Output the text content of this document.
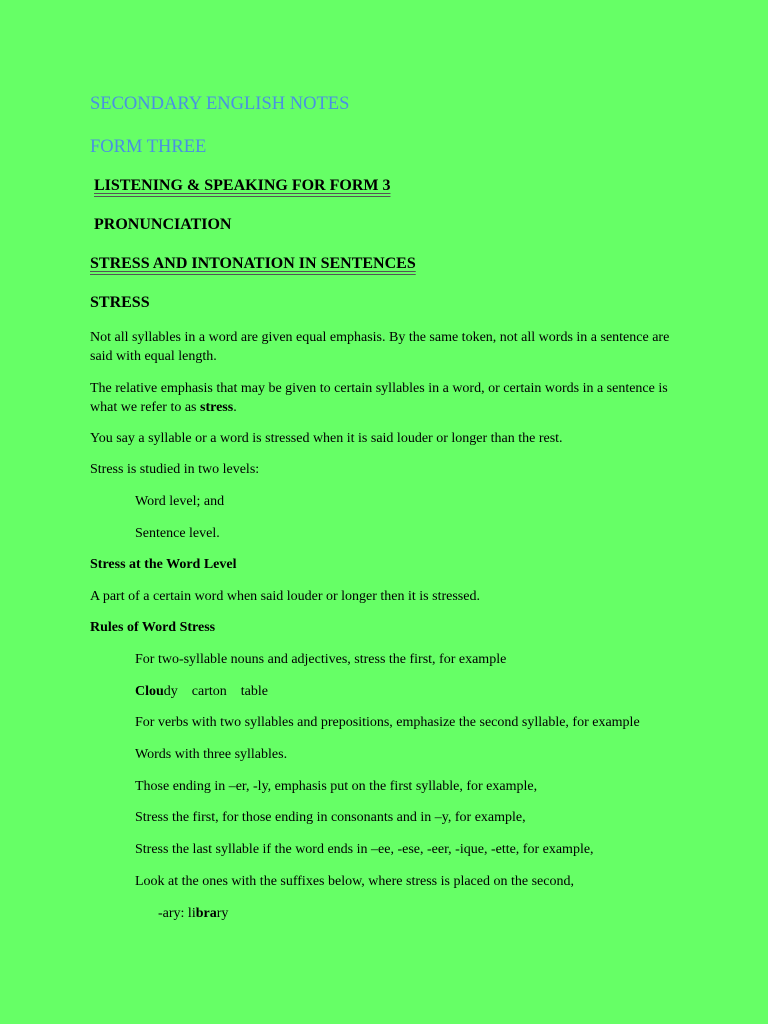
SECONDARY ENGLISH NOTES
FORM THREE
LISTENING & SPEAKING FOR FORM 3
PRONUNCIATION
STRESS AND INTONATION IN SENTENCES
STRESS
Not all syllables in a word are given equal emphasis. By the same token, not all words in a sentence are said with equal length.
The relative emphasis that may be given to certain syllables in a word, or certain words in a sentence is what we refer to as stress.
You say a syllable or a word is stressed when it is said louder or longer than the rest.
Stress is studied in two levels:
Word level; and
Sentence level.
Stress at the Word Level
A part of a certain word when said louder or longer then it is stressed.
Rules of Word Stress
For two-syllable nouns and adjectives, stress the first, for example
Cloudy carton table
For verbs with two syllables and prepositions, emphasize the second syllable, for example
Words with three syllables.
Those ending in –er, -ly, emphasis put on the first syllable, for example,
Stress the first, for those ending in consonants and in –y, for example,
Stress the last syllable if the word ends in –ee, -ese, -eer, -ique, -ette, for example,
Look at the ones with the suffixes below, where stress is placed on the second,
-ary: library
